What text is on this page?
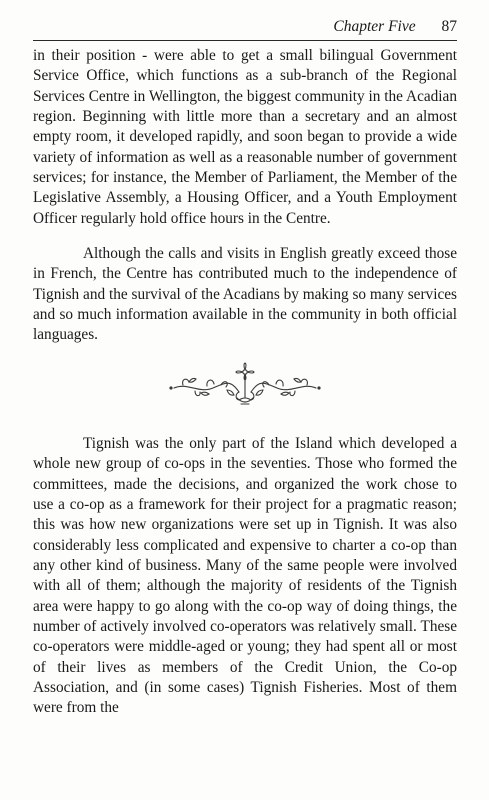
Chapter Five 87

in their position - were able to get a small bilingual Government Service Office, which functions as a sub-branch of the Regional Services Centre in Wellington, the biggest community in the Acadian region. Beginning with little more than a secretary and an almost empty room, it developed rapidly, and soon began to provide a wide variety of information as well as a reasonable number of government services; for instance, the Member of Parliament, the Member of the Legislative Assembly, a Housing Officer, and a Youth Employment Officer regularly hold office hours in the Centre.

Although the calls and visits in English greatly exceed those in French, the Centre has contributed much to the independence of Tignish and the survival of the Acadians by making so many services and so much information available in the community in both official languages.

Tignish was the only part of the Island which developed a whole new group of co-ops in the seventies. Those who formed the committees, made the decisions, and organized the work chose to use a co-op as a framework for their project for a pragmatic reason; this was how new organizations were set up in Tignish. It was also considerably less complicated and expensive to charter a co-op than any other kind of business. Many of the same people were involved with all of them; although the majority of residents of the Tignish area were happy to go along with the co-op way of doing things, the number of actively involved co-operators was relatively small. These co-operators were middle-aged or young; they had spent all or most of their lives as members of the Credit Union, the Co-op Association, and (in some cases) Tignish Fisheries. Most of them were from the
